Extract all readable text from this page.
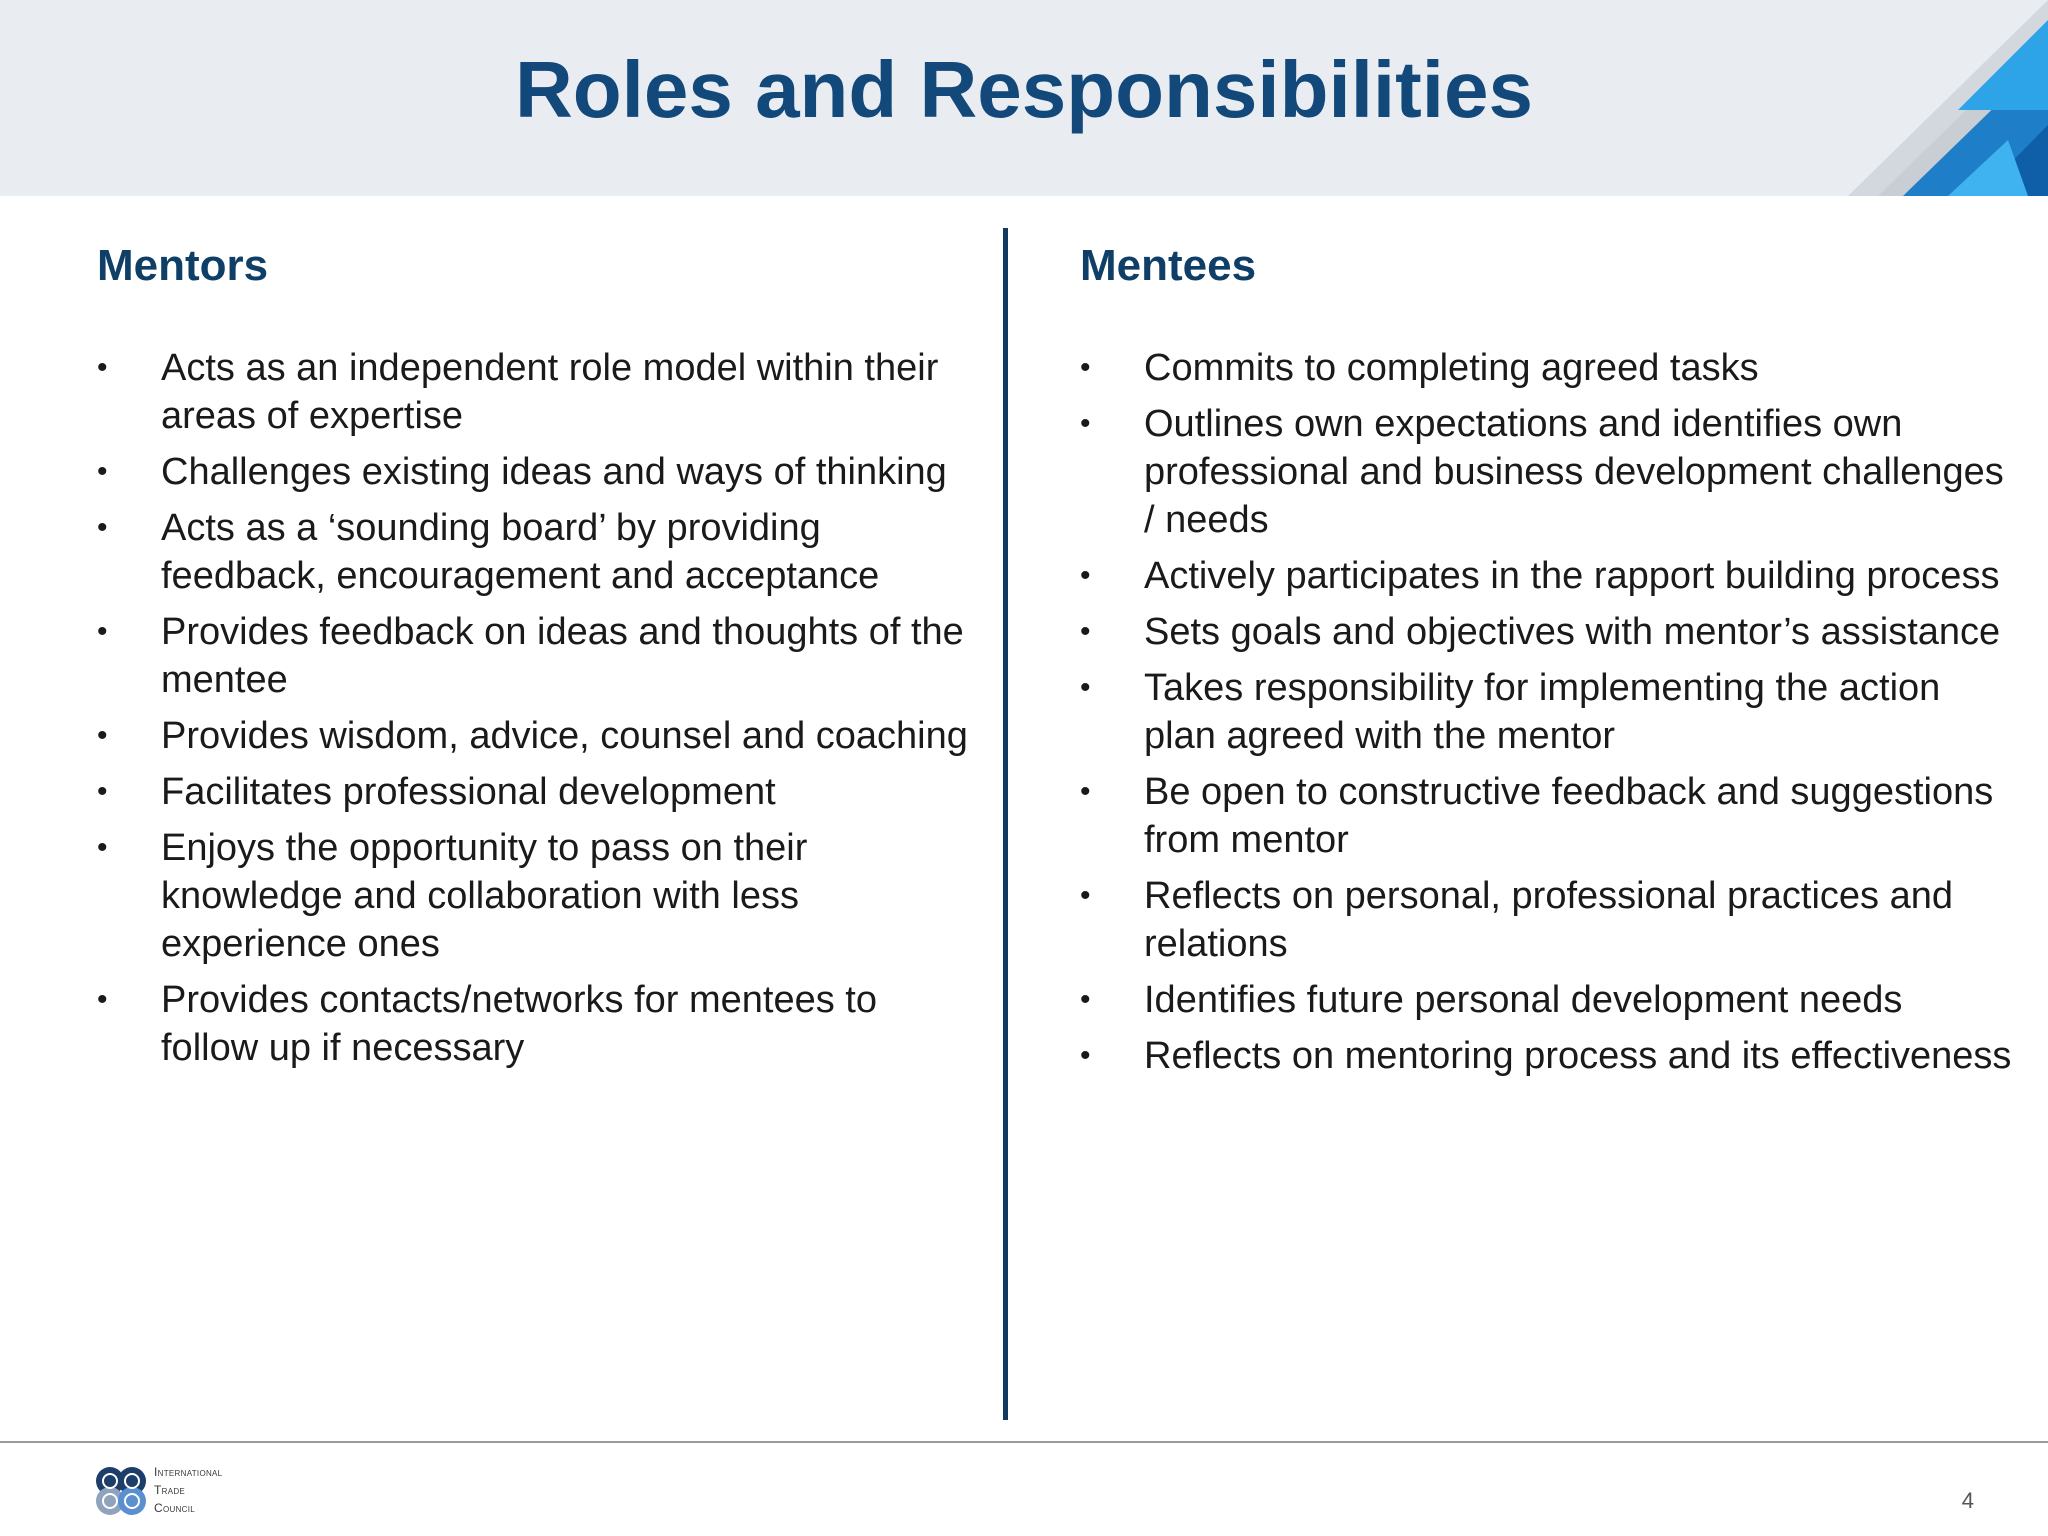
Roles and Responsibilities
Mentors
• Acts as an independent role model within their areas of expertise
• Challenges existing ideas and ways of thinking
• Acts as a ‘sounding board’ by providing feedback, encouragement and acceptance
• Provides feedback on ideas and thoughts of the mentee
• Provides wisdom, advice, counsel and coaching
• Facilitates professional development
• Enjoys the opportunity to pass on their knowledge and collaboration with less experience ones
• Provides contacts/networks for mentees to follow up if necessary
Mentees
• Commits to completing agreed tasks
• Outlines own expectations and identifies own professional and business development challenges / needs
• Actively participates in the rapport building process
• Sets goals and objectives with mentor’s assistance
• Takes responsibility for implementing the action plan agreed with the mentor
• Be open to constructive feedback and suggestions from mentor
• Reflects on personal, professional practices and relations
• Identifies future personal development needs
• Reflects on mentoring process and its effectiveness
International
Trade
Council	4
